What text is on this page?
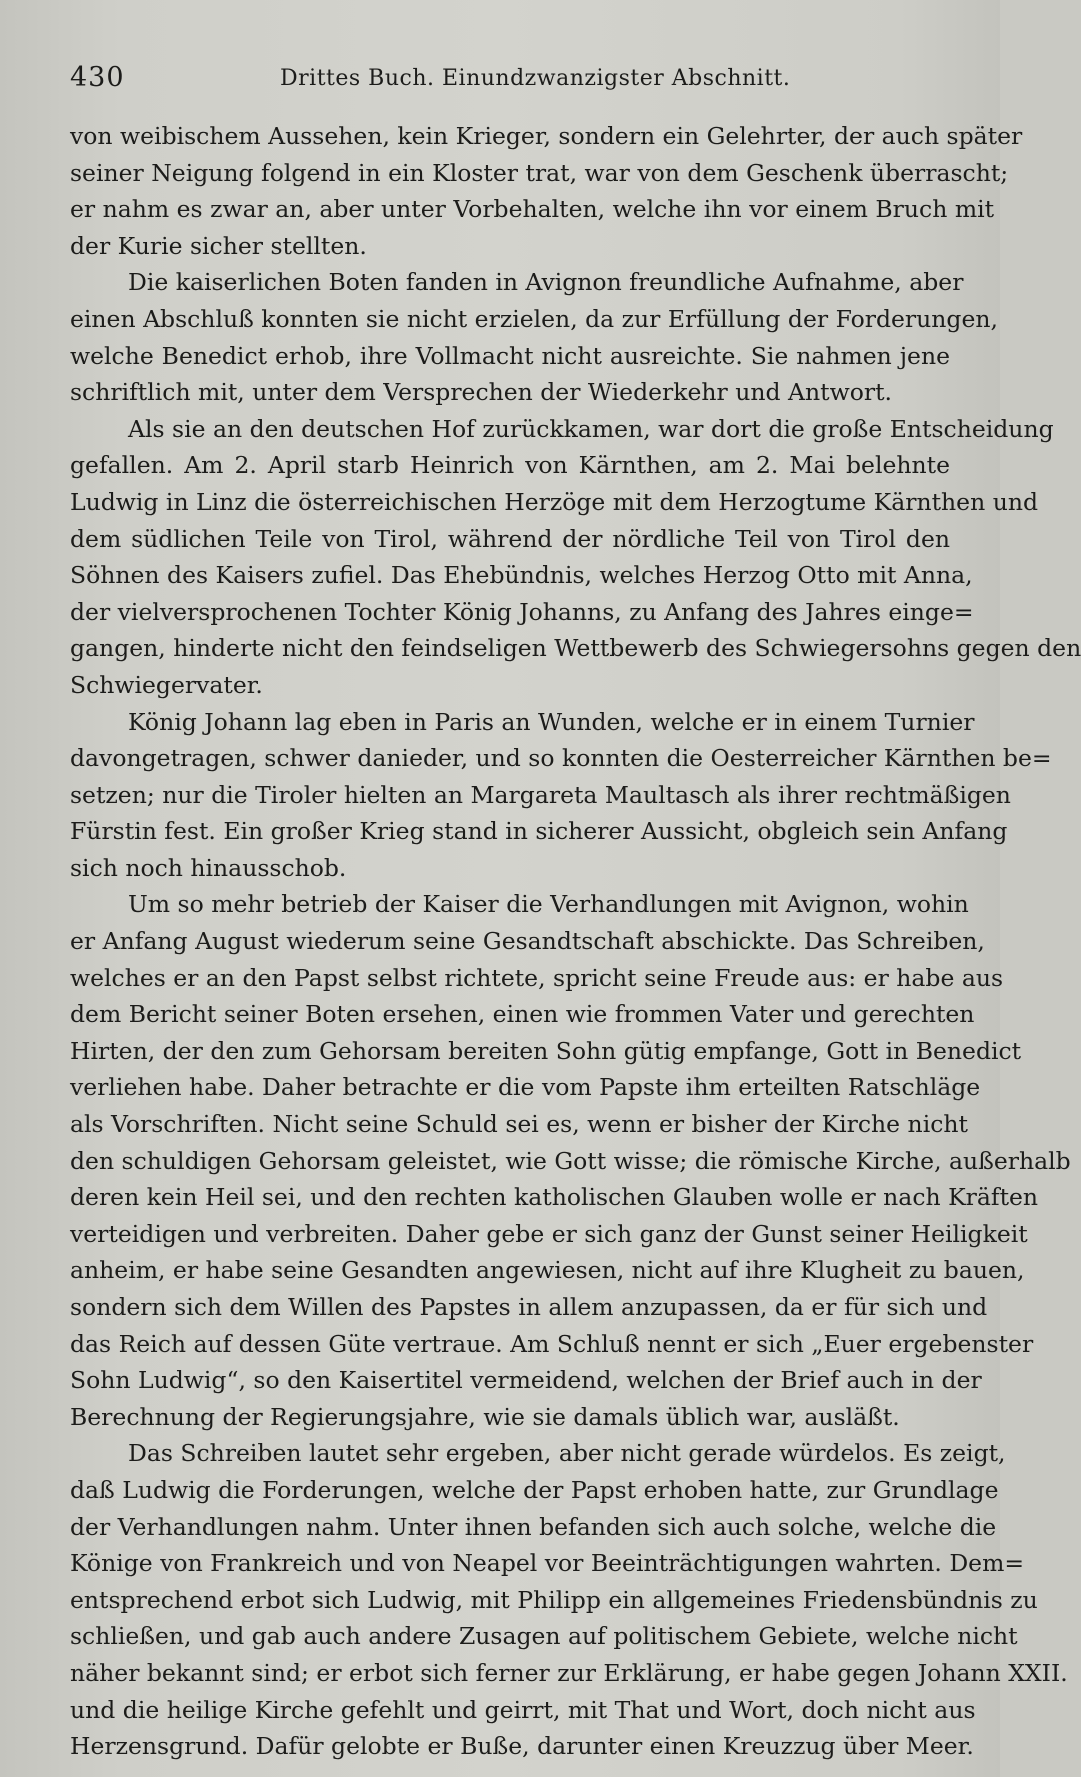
430	Drittes Buch. Einundzwanzigster Abschnitt.
von weibischem Aussehen, kein Krieger, sondern ein Gelehrter, der auch später
seiner Neigung folgend in ein Kloster trat, war von dem Geschenk überrascht;
er nahm es zwar an, aber unter Vorbehalten, welche ihn vor einem Bruch mit
der Kurie sicher stellten.
Die kaiserlichen Boten fanden in Avignon freundliche Aufnahme, aber
einen Abschluß konnten sie nicht erzielen, da zur Erfüllung der Forderungen,
welche Benedict erhob, ihre Vollmacht nicht ausreichte. Sie nahmen jene
schriftlich mit, unter dem Versprechen der Wiederkehr und Antwort.
Als sie an den deutschen Hof zurückkamen, war dort die große Entscheidung
gefallen. Am 2. April starb Heinrich von Kärnthen, am 2. Mai belehnte
Ludwig in Linz die österreichischen Herzöge mit dem Herzogtume Kärnthen und
dem südlichen Teile von Tirol, während der nördliche Teil von Tirol den
Söhnen des Kaisers zufiel. Das Ehebündnis, welches Herzog Otto mit Anna,
der vielversprochenen Tochter König Johanns, zu Anfang des Jahres einge=
gangen, hinderte nicht den feindseligen Wettbewerb des Schwiegersohns gegen den
Schwiegervater.
König Johann lag eben in Paris an Wunden, welche er in einem Turnier
davongetragen, schwer danieder, und so konnten die Oesterreicher Kärnthen be=
setzen; nur die Tiroler hielten an Margareta Maultasch als ihrer rechtmäßigen
Fürstin fest. Ein großer Krieg stand in sicherer Aussicht, obgleich sein Anfang
sich noch hinausschob.
Um so mehr betrieb der Kaiser die Verhandlungen mit Avignon, wohin
er Anfang August wiederum seine Gesandtschaft abschickte. Das Schreiben,
welches er an den Papst selbst richtete, spricht seine Freude aus: er habe aus
dem Bericht seiner Boten ersehen, einen wie frommen Vater und gerechten
Hirten, der den zum Gehorsam bereiten Sohn gütig empfange, Gott in Benedict
verliehen habe. Daher betrachte er die vom Papste ihm erteilten Ratschläge
als Vorschriften. Nicht seine Schuld sei es, wenn er bisher der Kirche nicht
den schuldigen Gehorsam geleistet, wie Gott wisse; die römische Kirche, außerhalb
deren kein Heil sei, und den rechten katholischen Glauben wolle er nach Kräften
verteidigen und verbreiten. Daher gebe er sich ganz der Gunst seiner Heiligkeit
anheim, er habe seine Gesandten angewiesen, nicht auf ihre Klugheit zu bauen,
sondern sich dem Willen des Papstes in allem anzupassen, da er für sich und
das Reich auf dessen Güte vertraue. Am Schluß nennt er sich „Euer ergebenster
Sohn Ludwig“, so den Kaisertitel vermeidend, welchen der Brief auch in der
Berechnung der Regierungsjahre, wie sie damals üblich war, ausläßt.
Das Schreiben lautet sehr ergeben, aber nicht gerade würdelos. Es zeigt,
daß Ludwig die Forderungen, welche der Papst erhoben hatte, zur Grundlage
der Verhandlungen nahm. Unter ihnen befanden sich auch solche, welche die
Könige von Frankreich und von Neapel vor Beeinträchtigungen wahrten. Dem=
entsprechend erbot sich Ludwig, mit Philipp ein allgemeines Friedensbündnis zu
schließen, und gab auch andere Zusagen auf politischem Gebiete, welche nicht
näher bekannt sind; er erbot sich ferner zur Erklärung, er habe gegen Johann XXII.
und die heilige Kirche gefehlt und geirrt, mit That und Wort, doch nicht aus
Herzensgrund. Dafür gelobte er Buße, darunter einen Kreuzzug über Meer.
